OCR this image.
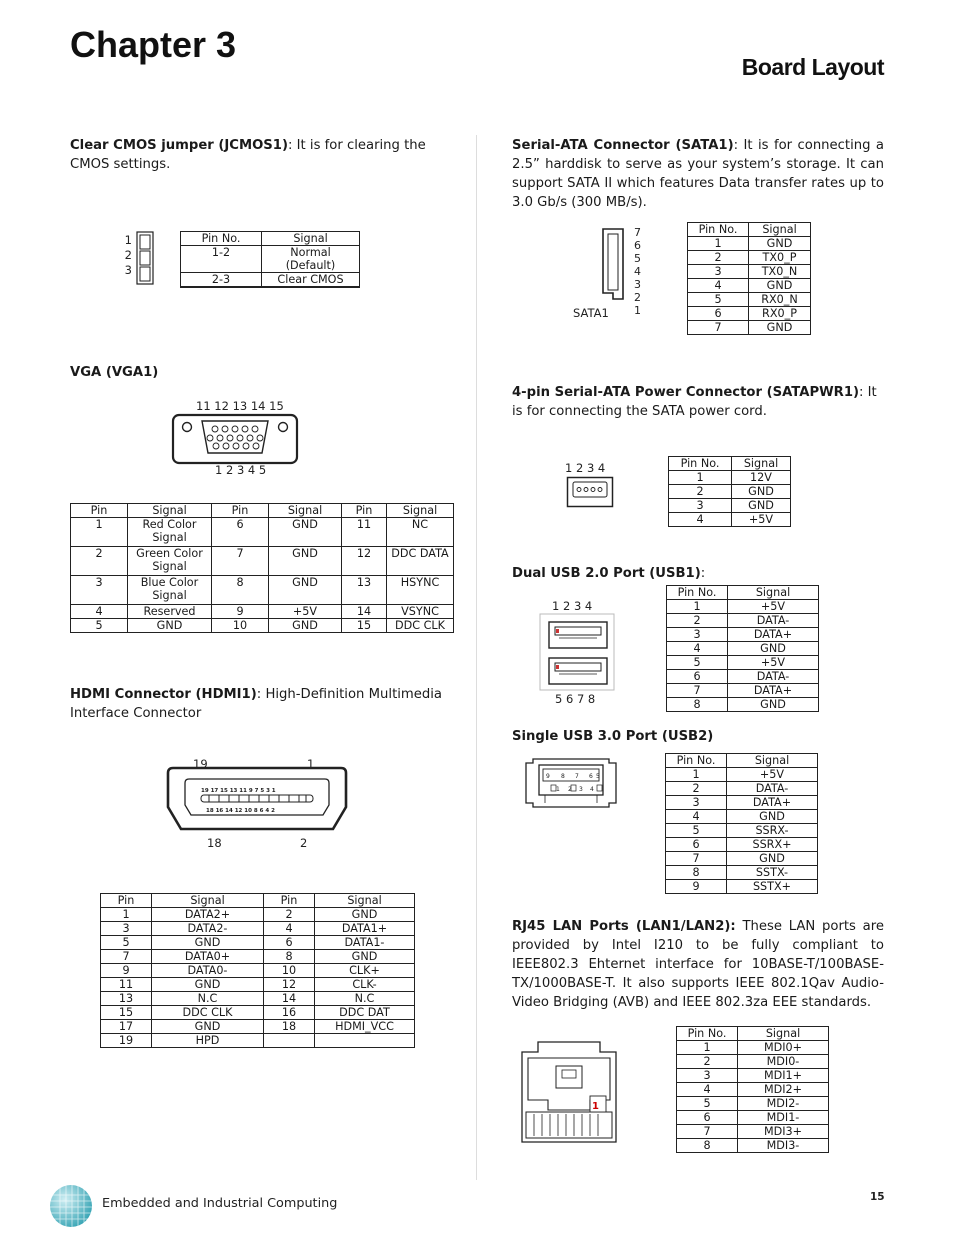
Chapter 3
Board Layout
Clear CMOS jumper (JCMOS1): It is for clearing the CMOS settings.
1
2
3
Pin No.	Signal
1-2	Normal (Default)
2-3	Clear CMOS
VGA (VGA1)
11 12 13 14 15
1 2 3 4 5
Pin	Signal	Pin	Signal	Pin	Signal
1	Red Color Signal	6	GND	11	NC
2	Green Color Signal	7	GND	12	DDC DATA
3	Blue Color Signal	8	GND	13	HSYNC
4	Reserved	9	+5V	14	VSYNC
5	GND	10	GND	15	DDC CLK
HDMI Connector (HDMI1): High-Definition Multimedia Interface Connector
19	1
19 17 15 13 11 9 7 5 3 1
18 16 14 12 10 8 6 4 2
18	2
Pin	Signal	Pin	Signal
1	DATA2+	2	GND
3	DATA2-	4	DATA1+
5	GND	6	DATA1-
7	DATA0+	8	GND
9	DATA0-	10	CLK+
11	GND	12	CLK-
13	N.C	14	N.C
15	DDC CLK	16	DDC DAT
17	GND	18	HDMI_VCC
19	HPD		
Serial-ATA Connector (SATA1): It is for connecting a 2.5” harddisk to serve as your system’s storage. It can support SATA II which features Data transfer rates up to 3.0 Gb/s (300 MB/s).
7
6
5
4
3
2
1
SATA1
Pin No.	Signal
1	GND
2	TX0_P
3	TX0_N
4	GND
5	RX0_N
6	RX0_P
7	GND
4-pin Serial-ATA Power Connector (SATAPWR1): It is for connecting the SATA power cord.
1 2 3 4	Pin No.	Signal
1	12V
2	GND
3	GND
4	+5V
Dual USB 2.0 Port (USB1):
1 2 3 4
5 6 7 8
Pin No.	Signal
1	+5V
2	DATA-
3	DATA+
4	GND
5	+5V
6	DATA-
7	DATA+
8	GND
Single USB 3.0 Port (USB2)
9 8 7 6 5
1 2 3 4
Pin No.	Signal
1	+5V
2	DATA-
3	DATA+
4	GND
5	SSRX-
6	SSRX+
7	GND
8	SSTX-
9	SSTX+
RJ45 LAN Ports (LAN1/LAN2): These LAN ports are provided by Intel I210 to be fully compliant to IEEE802.3 Ehternet interface for 10BASE-T/100BASE-TX/1000BASE-T. It also supports IEEE 802.1Qav Audio-Video Bridging (AVB) and IEEE 802.3za EEE standards.
1
Pin No.	Signal
1	MDI0+
2	MDI0-
3	MDI1+
4	MDI2+
5	MDI2-
6	MDI1-
7	MDI3+
8	MDI3-
Embedded and Industrial Computing	15
